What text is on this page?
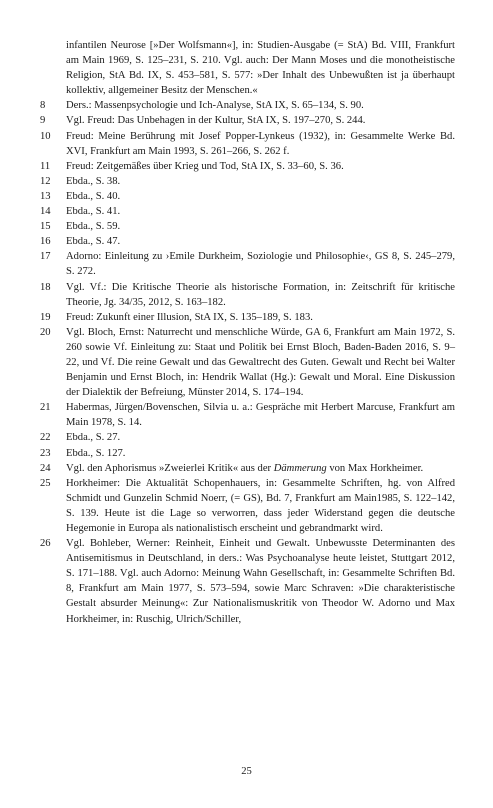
infantilen Neurose [»Der Wolfsmann«], in: Studien-Ausgabe (= StA) Bd. VIII, Frankfurt am Main 1969, S. 125–231, S. 210. Vgl. auch: Der Mann Moses und die monotheistische Religion, StA Bd. IX, S. 453–581, S. 577: »Der Inhalt des Unbewußten ist ja überhaupt kollektiv, allgemeiner Besitz der Menschen.«
8	Ders.: Massenpsychologie und Ich-Analyse, StA IX, S. 65–134, S. 90.
9	Vgl. Freud: Das Unbehagen in der Kultur, StA IX, S. 197–270, S. 244.
10	Freud: Meine Berührung mit Josef Popper-Lynkeus (1932), in: Gesammelte Werke Bd. XVI, Frankfurt am Main 1993, S. 261–266, S. 262 f.
11	Freud: Zeitgemäßes über Krieg und Tod, StA IX, S. 33–60, S. 36.
12	Ebda., S. 38.
13	Ebda., S. 40.
14	Ebda., S. 41.
15	Ebda., S. 59.
16	Ebda., S. 47.
17	Adorno: Einleitung zu ›Emile Durkheim, Soziologie und Philosophie‹, GS 8, S. 245–279, S. 272.
18	Vgl. Vf.: Die Kritische Theorie als historische Formation, in: Zeitschrift für kritische Theorie, Jg. 34/35, 2012, S. 163–182.
19	Freud: Zukunft einer Illusion, StA IX, S. 135–189, S. 183.
20	Vgl. Bloch, Ernst: Naturrecht und menschliche Würde, GA 6, Frankfurt am Main 1972, S. 260 sowie Vf. Einleitung zu: Staat und Politik bei Ernst Bloch, Baden-Baden 2016, S. 9–22, und Vf. Die reine Gewalt und das Gewaltrecht des Guten. Gewalt und Recht bei Walter Benjamin und Ernst Bloch, in: Hendrik Wallat (Hg.): Gewalt und Moral. Eine Diskussion der Dialektik der Befreiung, Münster 2014, S. 174–194.
21	Habermas, Jürgen/Bovenschen, Silvia u. a.: Gespräche mit Herbert Marcuse, Frankfurt am Main 1978, S. 14.
22	Ebda., S. 27.
23	Ebda., S. 127.
24	Vgl. den Aphorismus »Zweierlei Kritik« aus der Dämmerung von Max Horkheimer.
25	Horkheimer: Die Aktualität Schopenhauers, in: Gesammelte Schriften, hg. von Alfred Schmidt und Gunzelin Schmid Noerr, (= GS), Bd. 7, Frankfurt am Main1985, S. 122–142, S. 139. Heute ist die Lage so verworren, dass jeder Widerstand gegen die deutsche Hegemonie in Europa als nationalistisch erscheint und gebrandmarkt wird.
26	Vgl. Bohleber, Werner: Reinheit, Einheit und Gewalt. Unbewusste Determinanten des Antisemitismus in Deutschland, in ders.: Was Psychoanalyse heute leistet, Stuttgart 2012, S. 171–188. Vgl. auch Adorno: Meinung Wahn Gesellschaft, in: Gesammelte Schriften Bd. 8, Frankfurt am Main 1977, S. 573–594, sowie Marc Schraven: »Die charakteristische Gestalt absurder Meinung«: Zur Nationalismuskritik von Theodor W. Adorno und Max Horkheimer, in: Ruschig, Ulrich/Schiller,
25
